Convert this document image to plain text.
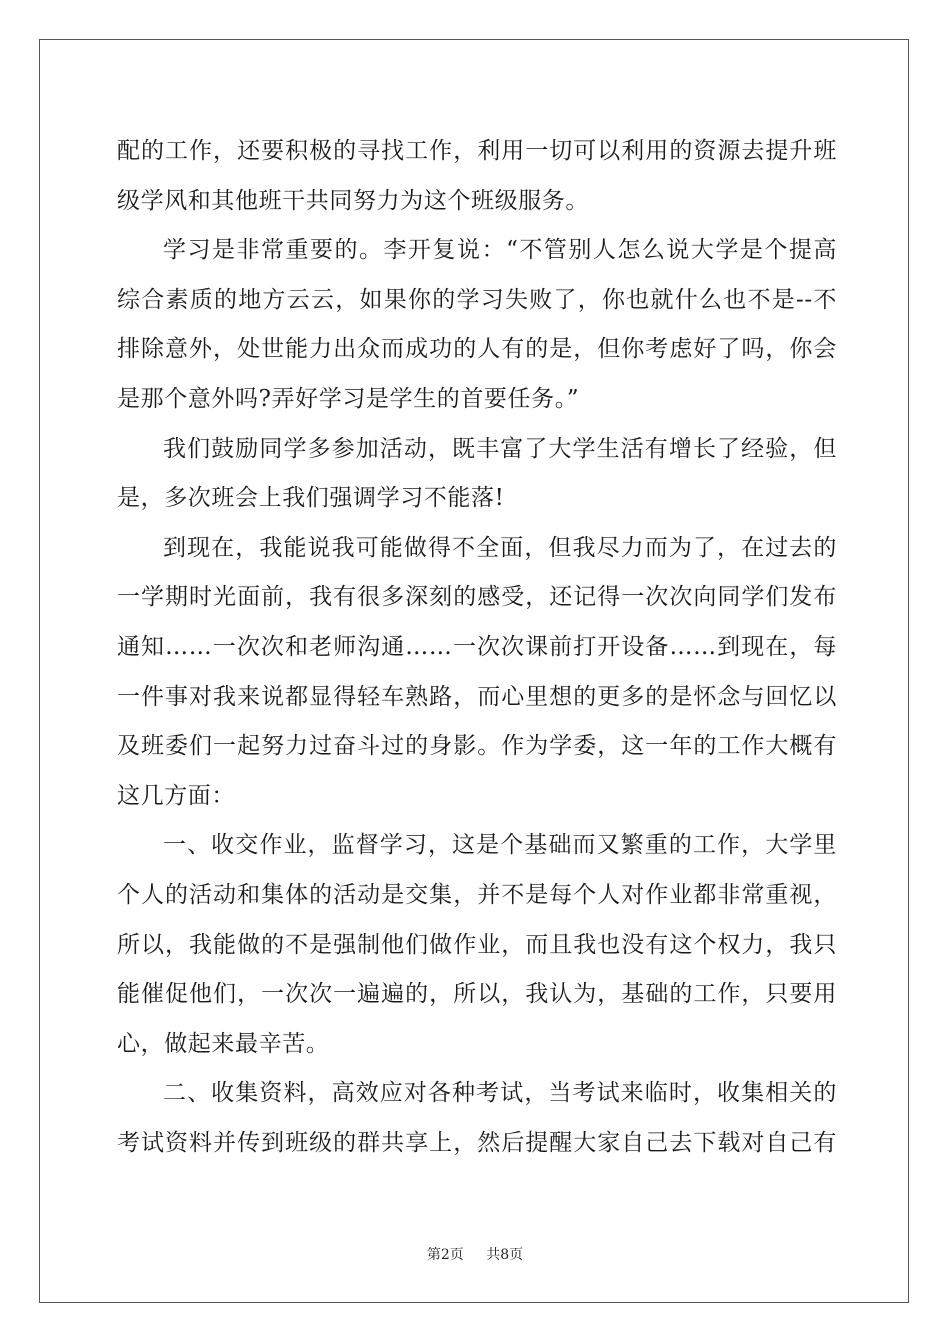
配的工作，还要积极的寻找工作，利用一切可以利用的资源去提升班
级学风和其他班干共同努力为这个班级服务。
学习是非常重要的。李开复说：“不管别人怎么说大学是个提高
综合素质的地方云云，如果你的学习失败了，你也就什么也不是--不
排除意外，处世能力出众而成功的人有的是，但你考虑好了吗，你会
是那个意外吗?弄好学习是学生的首要任务。”
我们鼓励同学多参加活动，既丰富了大学生活有增长了经验，但
是，多次班会上我们强调学习不能落!
到现在，我能说我可能做得不全面，但我尽力而为了，在过去的
一学期时光面前，我有很多深刻的感受，还记得一次次向同学们发布
通知……一次次和老师沟通……一次次课前打开设备……到现在，每
一件事对我来说都显得轻车熟路，而心里想的更多的是怀念与回忆以
及班委们一起努力过奋斗过的身影。作为学委，这一年的工作大概有
这几方面：
一、收交作业，监督学习，这是个基础而又繁重的工作，大学里
个人的活动和集体的活动是交集，并不是每个人对作业都非常重视，
所以，我能做的不是强制他们做作业，而且我也没有这个权力，我只
能催促他们，一次次一遍遍的，所以，我认为，基础的工作，只要用
心，做起来最辛苦。
二、收集资料，高效应对各种考试，当考试来临时，收集相关的
考试资料并传到班级的群共享上，然后提醒大家自己去下载对自己有
第2页 共8页
